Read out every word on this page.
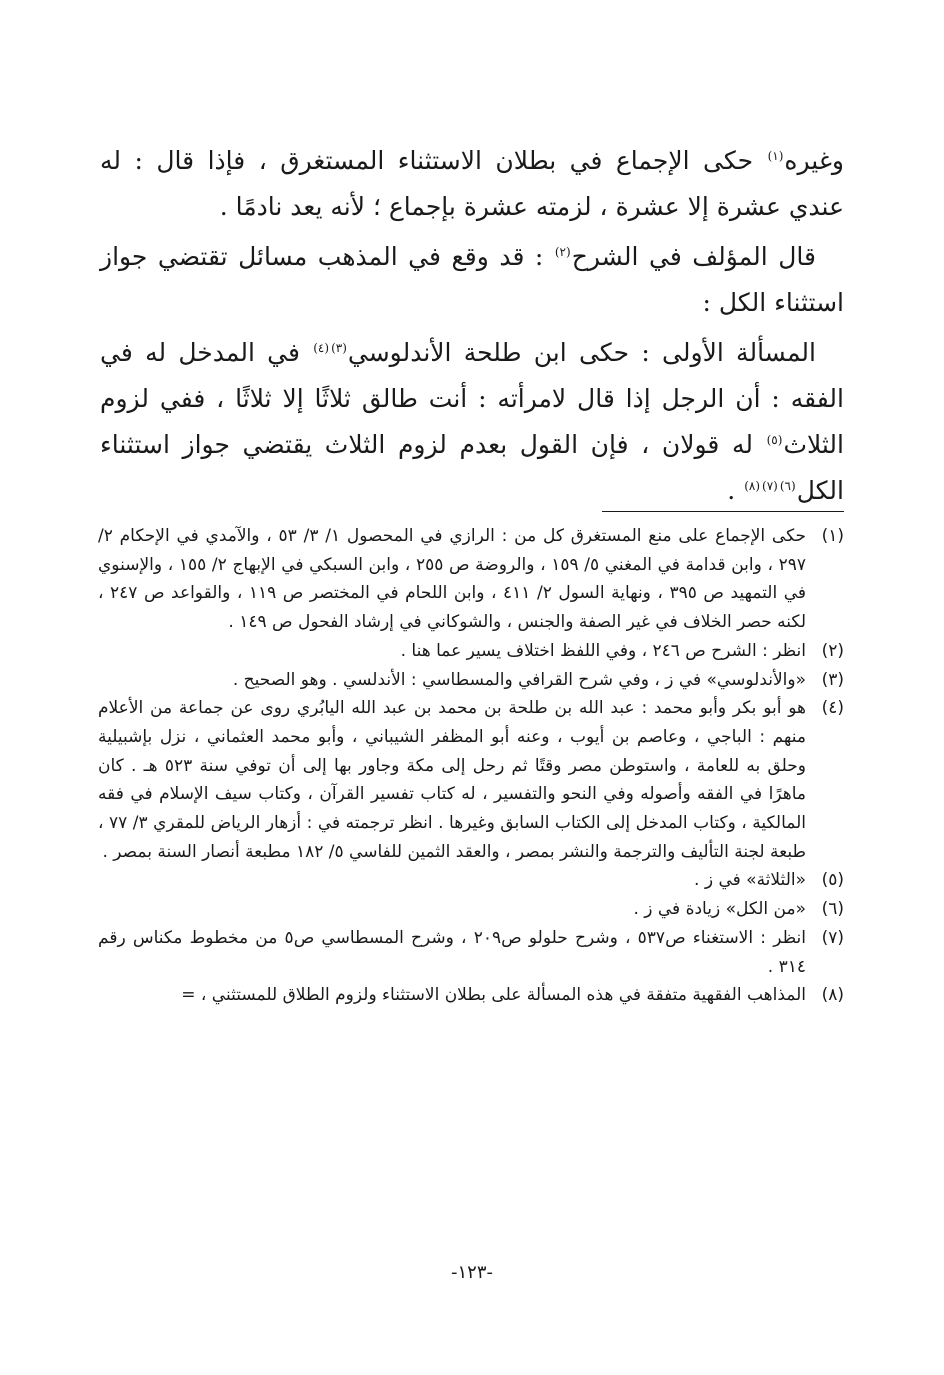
وغيره$^{(١)}$ حكى الإجماع في بطلان الاستثناء المستغرق ، فإذا قال : له عندي عشرة إلا عشرة ، لزمته عشرة بإجماع ؛ لأنه يعد نادمًا .

قال المؤلف في الشرح$^{(٢)}$ : قد وقع في المذهب مسائل تقتضي جواز استثناء الكل :

المسألة الأولى : حكى ابن طلحة الأندلوسي$^{(٣)(٤)}$ في المدخل له في الفقه : أن الرجل إذا قال لامرأته : أنت طالق ثلاثًا إلا ثلاثًا ، ففي لزوم الثلاث$^{(٥)}$ له قولان ، فإن القول بعدم لزوم الثلاث يقتضي جواز استثناء الكل$^{(٦)(٧)(٨)}$ .

(١)
حكى الإجماع على منع المستغرق كل من : الرازي في المحصول ١/ ٣/ ٥٣ ، والآمدي في الإحكام ٢/ ٢٩٧ ، وابن قدامة في المغني ٥/ ١٥٩ ، والروضة ص ٢٥٥ ، وابن السبكي في الإبهاج ٢/ ١٥٥ ، والإسنوي في التمهيد ص ٣٩٥ ، ونهاية السول ٢/ ٤١١ ، وابن اللحام في المختصر ص ١١٩ ، والقواعد ص ٢٤٧ ، لكنه حصر الخلاف في غير الصفة والجنس ، والشوكاني في إرشاد الفحول ص ١٤٩ .
(٢)
انظر : الشرح ص ٢٤٦ ، وفي اللفظ اختلاف يسير عما هنا .
(٣)
«والأندلوسي» في ز ، وفي شرح القرافي والمسطاسي : الأندلسي . وهو الصحيح .
(٤)
هو أبو بكر وأبو محمد : عبد الله بن طلحة بن محمد بن عبد الله اليابُري روى عن جماعة من الأعلام منهم : الباجي ، وعاصم بن أيوب ، وعنه أبو المظفر الشيباني ، وأبو محمد العثماني ، نزل بإشبيلية وحلق به للعامة ، واستوطن مصر وقتًا ثم رحل إلى مكة وجاور بها إلى أن توفي سنة ٥٢٣ هـ . كان ماهرًا في الفقه وأصوله وفي النحو والتفسير ، له كتاب تفسير القرآن ، وكتاب سيف الإسلام في فقه المالكية ، وكتاب المدخل إلى الكتاب السابق وغيرها . انظر ترجمته في : أزهار الرياض للمقري ٣/ ٧٧ ، طبعة لجنة التأليف والترجمة والنشر بمصر ، والعقد الثمين للفاسي ٥/ ١٨٢ مطبعة أنصار السنة بمصر .
(٥)
«الثلاثة» في ز .
(٦)
«من الكل» زيادة في ز .
(٧)
انظر : الاستغناء ص٥٣٧ ، وشرح حلولو ص٢٠٩ ، وشرح المسطاسي ص٥ من مخطوط مكناس رقم ٣١٤ .
(٨)
المذاهب الفقهية متفقة في هذه المسألة على بطلان الاستثناء ولزوم الطلاق للمستثني ، =
-١٢٣-
